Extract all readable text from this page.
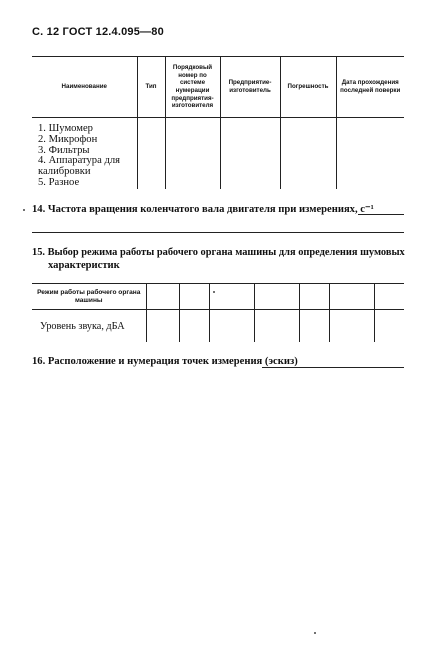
С. 12 ГОСТ 12.4.095—80
Наименование	Тип	Порядковый номер по системе нумерации предприятия-изготовителя	Предприятие-изготовитель	Погрешность	Дата прохождения последней поверки

1. Шумомер
2. Микрофон
3. Фильтры
4. Аппаратура для калибровки
5. Разное					

14. Частота вращения коленчатого вала двигателя при измерениях, с⁻¹
15. Выбор режима работы рабочего органа машины для определения шумовых
характеристик
Режим работы рабочего органа машины							
Уровень звука, дБА							
16. Расположение и нумерация точек измерения (эскиз)
